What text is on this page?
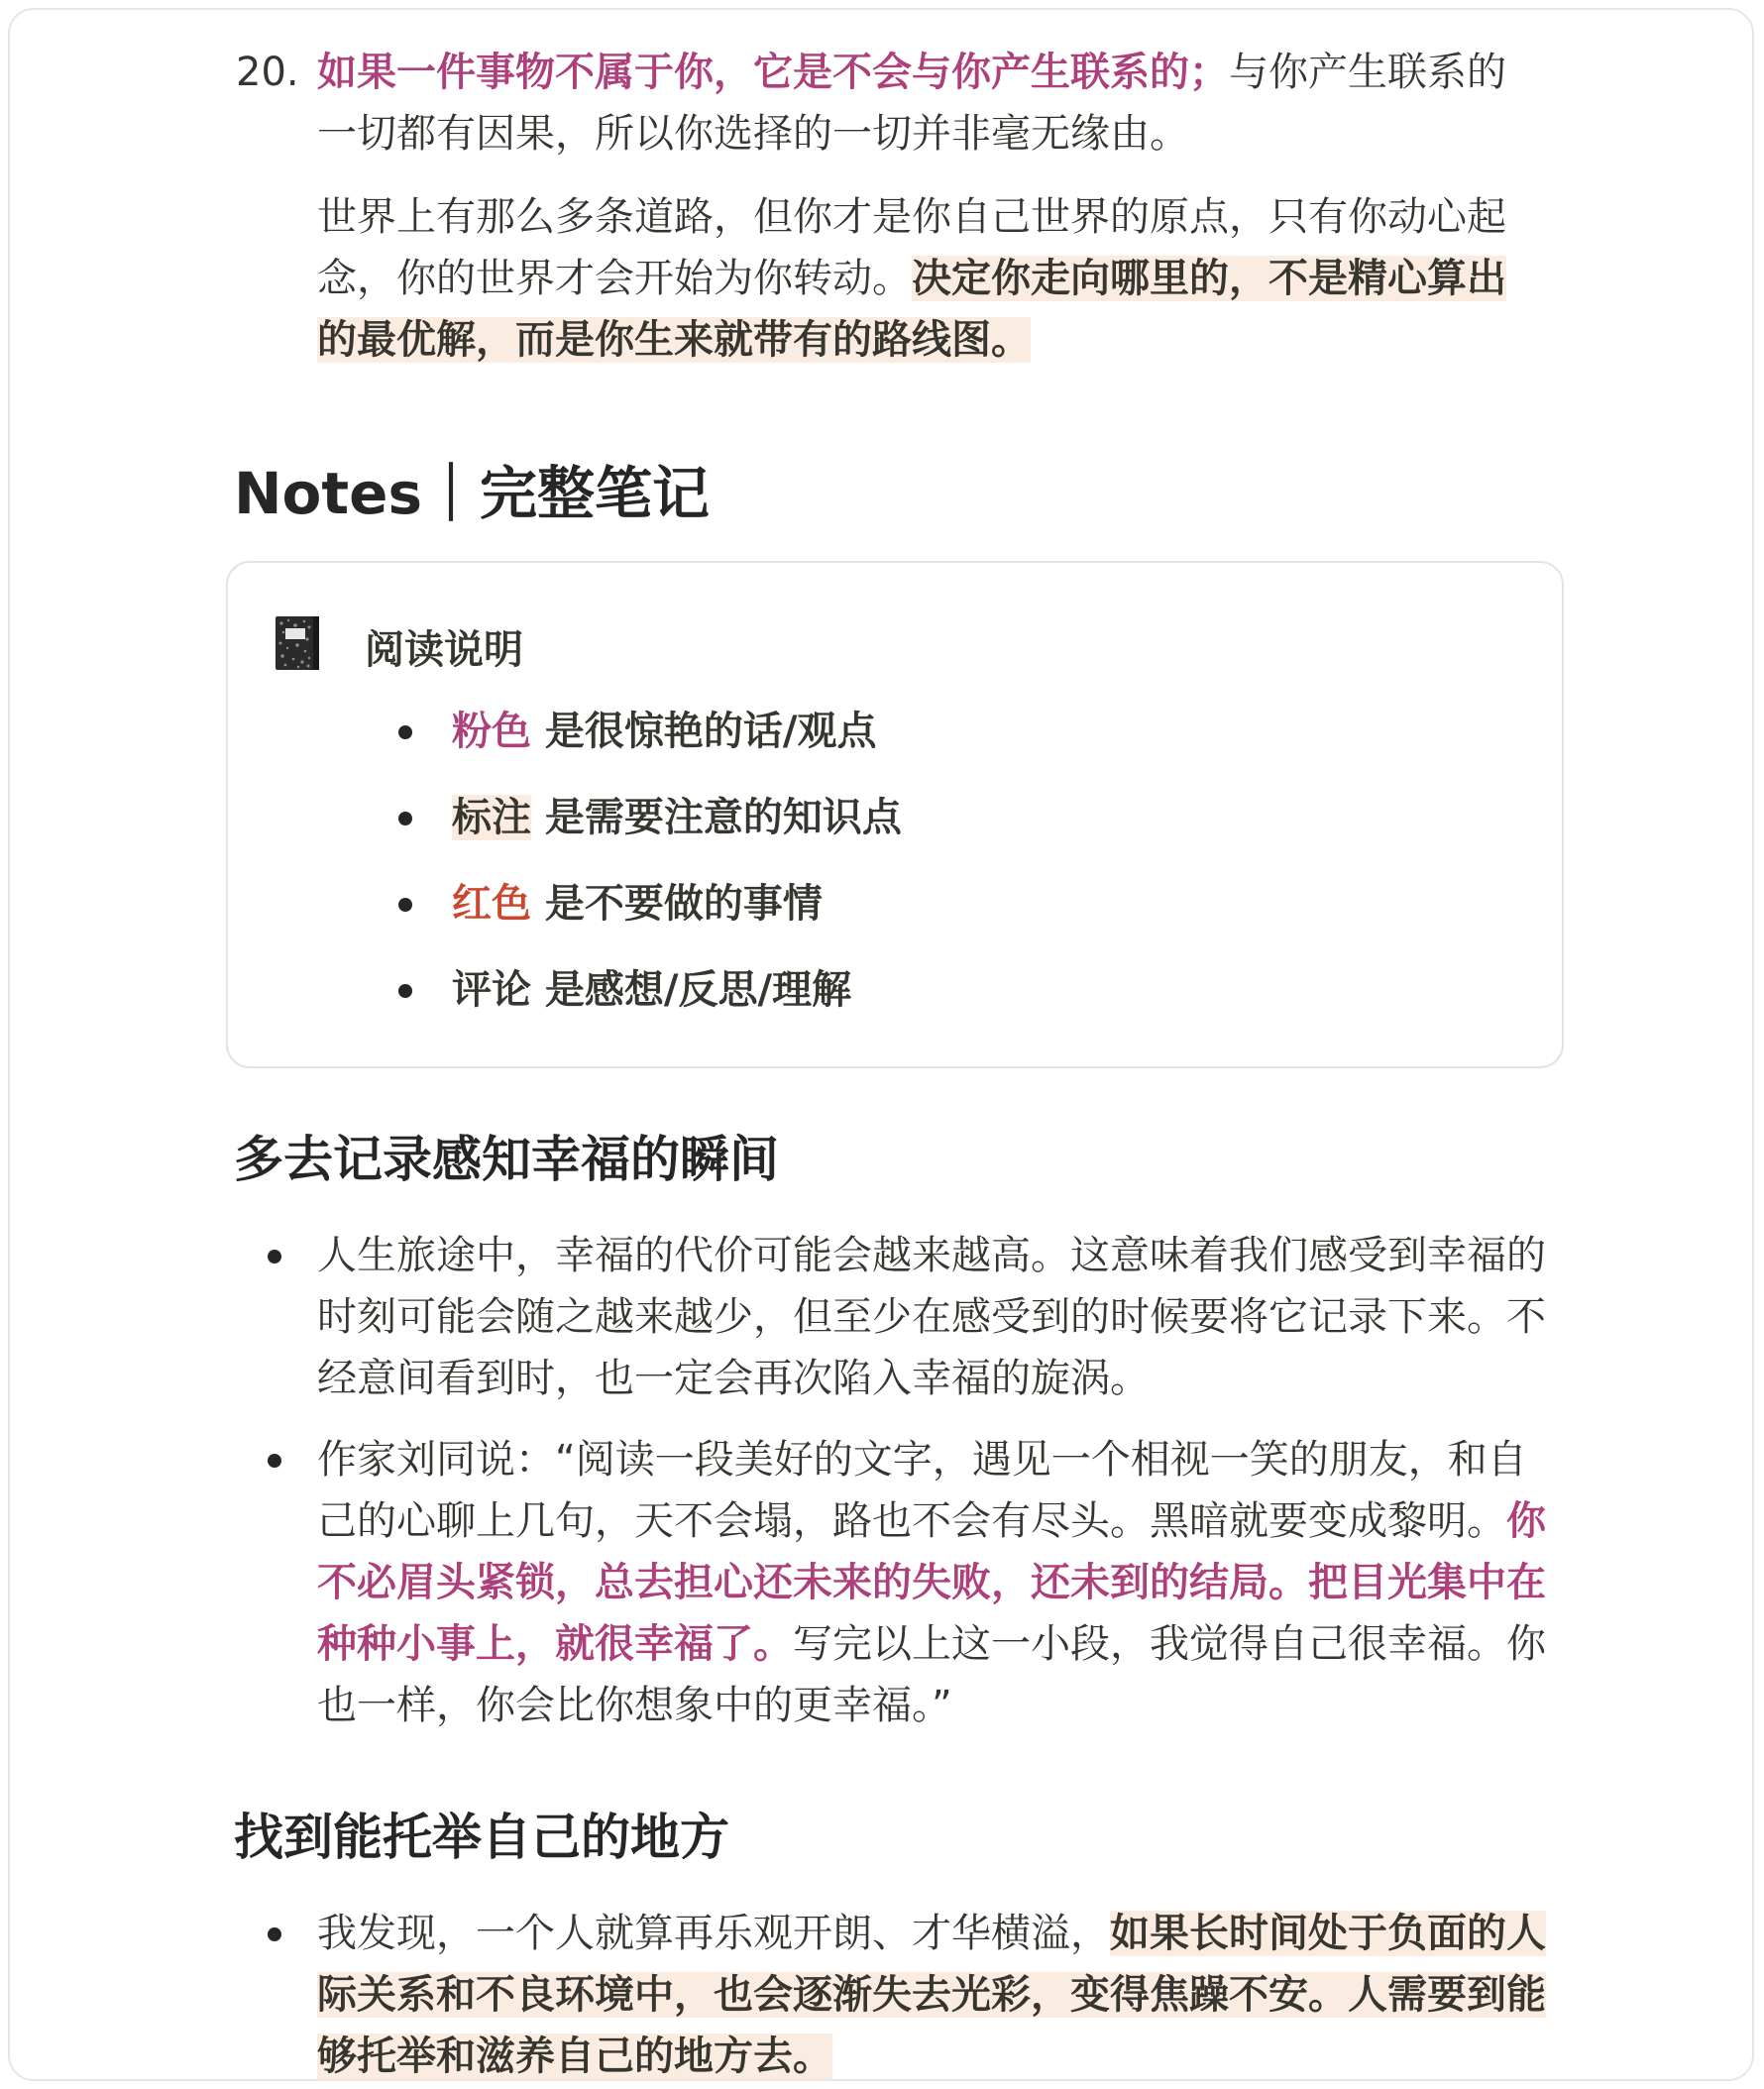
20. 如果一件事物不属于你，它是不会与你产生联系的；与你产生联系的一切都有因果，所以你选择的一切并非毫无缘由。

世界上有那么多条道路，但你才是你自己世界的原点，只有你动心起念，你的世界才会开始为你转动。决定你走向哪里的，不是精心算出的最优解，而是你生来就带有的路线图。

Notes｜完整笔记
阅读说明
粉色 是很惊艳的话/观点
标注 是需要注意的知识点
红色 是不要做的事情
评论 是感想/反思/理解
多去记录感知幸福的瞬间
人生旅途中，幸福的代价可能会越来越高。这意味着我们感受到幸福的时刻可能会随之越来越少，但至少在感受到的时候要将它记录下来。不经意间看到时，也一定会再次陷入幸福的旋涡。
作家刘同说：“阅读一段美好的文字，遇见一个相视一笑的朋友，和自己的心聊上几句，天不会塌，路也不会有尽头。黑暗就要变成黎明。你不必眉头紧锁，总去担心还未来的失败，还未到的结局。把目光集中在种种小事上，就很幸福了。写完以上这一小段，我觉得自己很幸福。你也一样，你会比你想象中的更幸福。”
找到能托举自己的地方
我发现，一个人就算再乐观开朗、才华横溢，如果长时间处于负面的人际关系和不良环境中，也会逐渐失去光彩，变得焦躁不安。人需要到能够托举和滋养自己的地方去。
